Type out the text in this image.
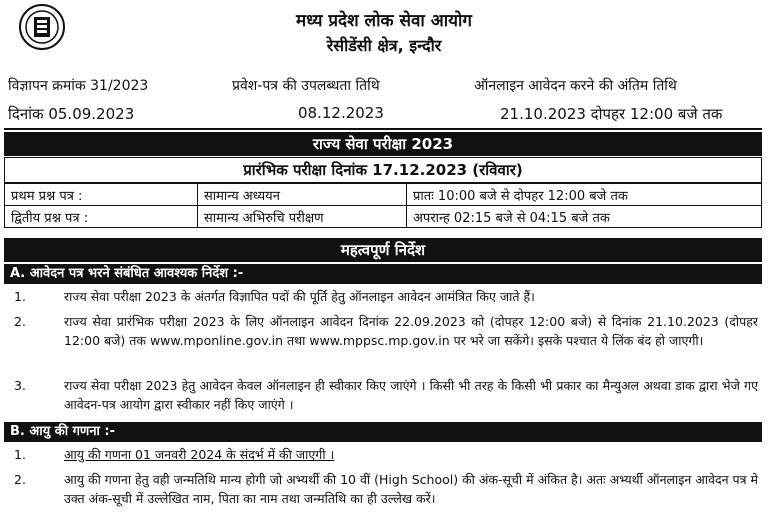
मध्य प्रदेश लोक सेवा आयोग
रेसीडेंसी क्षेत्र, इन्दौर
विज्ञापन क्रमांक 31/2023	प्रवेश-पत्र की उपलब्धता तिथि	ऑनलाइन आवेदन करने की अंतिम तिथि
दिनांक 05.09.2023	08.12.2023	21.10.2023 दोपहर 12:00 बजे तक
राज्य सेवा परीक्षा 2023
प्रारंभिक परीक्षा दिनांक 17.12.2023 (रविवार)
प्रथम प्रश्न पत्र :	सामान्य अध्ययन	प्रातः 10:00 बजे से दोपहर 12:00 बजे तक
द्वितीय प्रश्न पत्र :	सामान्य अभिरुचि परीक्षण	अपरान्ह 02:15 बजे से 04:15 बजे तक
महत्वपूर्ण निर्देश
A. आवेदन पत्र भरने संबंधित आवश्यक निर्देश :-
1.	राज्य सेवा परीक्षा 2023 के अंतर्गत विज्ञापित पदों की पूर्ति हेतु ऑनलाइन आवेदन आमंत्रित किए जाते हैं।
2.	राज्य सेवा प्रारंभिक परीक्षा 2023 के लिए ऑनलाइन आवेदन दिनांक 22.09.2023 को (दोपहर 12:00 बजे) से दिनांक 21.10.2023 (दोपहर 12:00 बजे) तक www.mponline.gov.in तथा www.mppsc.mp.gov.in पर भरे जा सकेंगे। इसके पश्चात ये लिंक बंद हो जाएगी।
3.	राज्य सेवा परीक्षा 2023 हेतु आवेदन केवल ऑनलाइन ही स्वीकार किए जाएंगे । किसी भी तरह के किसी भी प्रकार का मैन्युअल अथवा डाक द्वारा भेजे गए आवेदन-पत्र आयोग द्वारा स्वीकार नहीं किए जाएंगे ।
B. आयु की गणना :-
1.	आयु की गणना 01 जनवरी 2024 के संदर्भ में की जाएगी ।
2.	आयु की गणना हेतु वही जन्मतिथि मान्य होगी जो अभ्यर्थी की 10 वीं (High School) की अंक-सूची में अंकित है। अतः अभ्यर्थी ऑनलाइन आवेदन पत्र मे उक्त अंक-सूची में उल्लेखित नाम, पिता का नाम तथा जन्मतिथि का ही उल्लेख करें।
